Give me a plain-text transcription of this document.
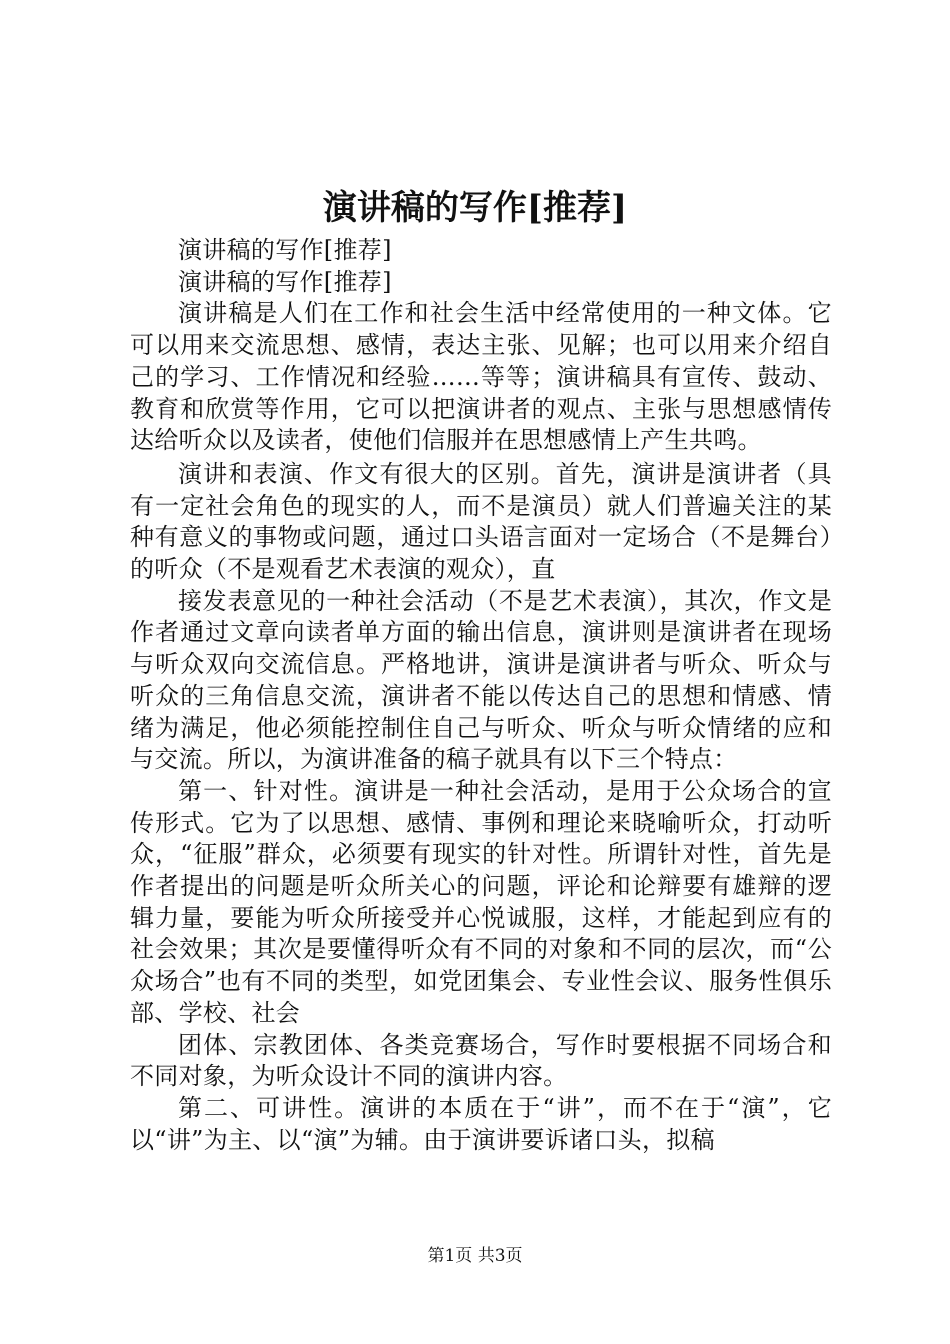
演讲稿的写作[推荐]

演讲稿的写作[推荐]

演讲稿的写作[推荐]

演讲稿是人们在工作和社会生活中经常使用的一种文体。它可以用来交流思想、感情，表达主张、见解；也可以用来介绍自己的学习、工作情况和经验……等等；演讲稿具有宣传、鼓动、教育和欣赏等作用，它可以把演讲者的观点、主张与思想感情传达给听众以及读者，使他们信服并在思想感情上产生共鸣。

演讲和表演、作文有很大的区别。首先，演讲是演讲者（具有一定社会角色的现实的人，而不是演员）就人们普遍关注的某种有意义的事物或问题，通过口头语言面对一定场合（不是舞台）的听众（不是观看艺术表演的观众），直

接发表意见的一种社会活动（不是艺术表演），其次，作文是作者通过文章向读者单方面的输出信息，演讲则是演讲者在现场与听众双向交流信息。严格地讲，演讲是演讲者与听众、听众与听众的三角信息交流，演讲者不能以传达自己的思想和情感、情绪为满足，他必须能控制住自己与听众、听众与听众情绪的应和与交流。所以，为演讲准备的稿子就具有以下三个特点：

第一、针对性。演讲是一种社会活动，是用于公众场合的宣传形式。它为了以思想、感情、事例和理论来晓喻听众，打动听众，“征服”群众，必须要有现实的针对性。所谓针对性，首先是作者提出的问题是听众所关心的问题，评论和论辩要有雄辩的逻辑力量，要能为听众所接受并心悦诚服，这样，才能起到应有的社会效果；其次是要懂得听众有不同的对象和不同的层次，而“公众场合”也有不同的类型，如党团集会、专业性会议、服务性俱乐部、学校、社会

团体、宗教团体、各类竞赛场合，写作时要根据不同场合和不同对象，为听众设计不同的演讲内容。

第二、可讲性。演讲的本质在于“讲”，而不在于“演”，它以“讲”为主、以“演”为辅。由于演讲要诉诸口头，拟稿

第1页 共3页
